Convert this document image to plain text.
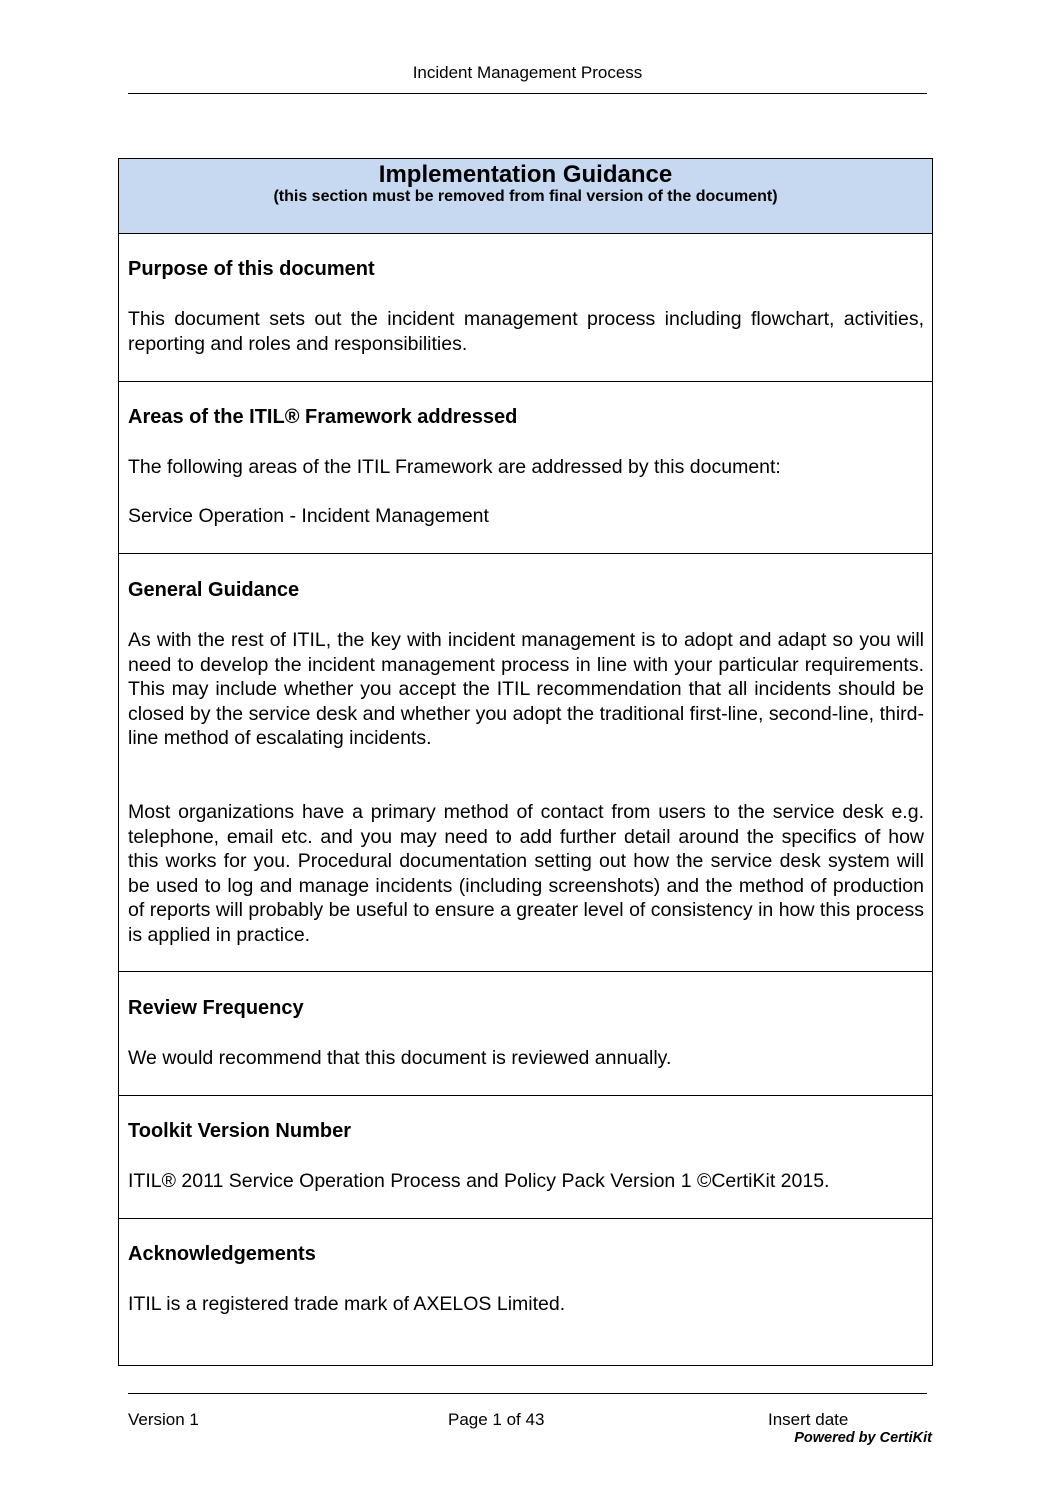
Incident Management Process
Implementation Guidance
(this section must be removed from final version of the document)
Purpose of this document
This document sets out the incident management process including flowchart, activities, reporting and roles and responsibilities.
Areas of the ITIL® Framework addressed
The following areas of the ITIL Framework are addressed by this document:
Service Operation - Incident Management
General Guidance
As with the rest of ITIL, the key with incident management is to adopt and adapt so you will need to develop the incident management process in line with your particular requirements. This may include whether you accept the ITIL recommendation that all incidents should be closed by the service desk and whether you adopt the traditional first-line, second-line, third-line method of escalating incidents.
Most organizations have a primary method of contact from users to the service desk e.g. telephone, email etc. and you may need to add further detail around the specifics of how this works for you. Procedural documentation setting out how the service desk system will be used to log and manage incidents (including screenshots) and the method of production of reports will probably be useful to ensure a greater level of consistency in how this process is applied in practice.
Review Frequency
We would recommend that this document is reviewed annually.
Toolkit Version Number
ITIL® 2011 Service Operation Process and Policy Pack Version 1 ©CertiKit 2015.
Acknowledgements
ITIL is a registered trade mark of AXELOS Limited.
Version 1	Page 1 of 43	Insert date
Powered by CertiKit
